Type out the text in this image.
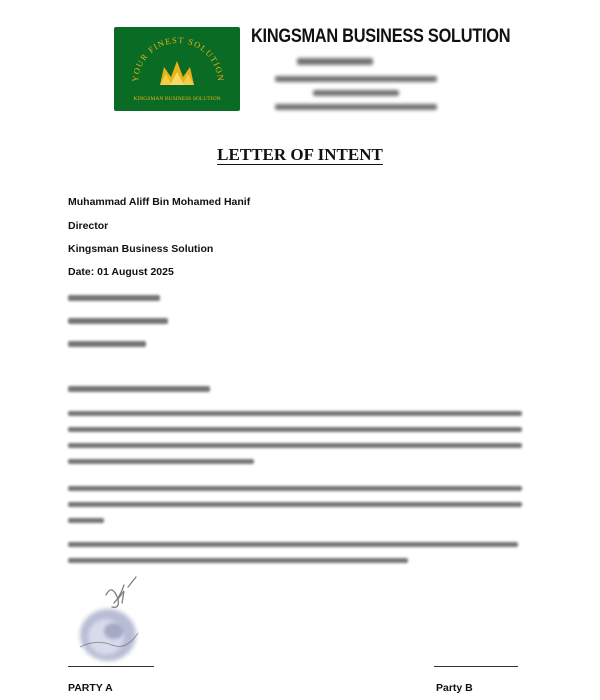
YOUR FINEST SOLUTION
KINGSMAN BUSINESS SOLUTION
KINGSMAN BUSINESS SOLUTION
LETTER OF INTENT
Muhammad Aliff Bin Mohamed Hanif
Director
Kingsman Business Solution
Date: 01 August 2025
PARTY A	Party B
